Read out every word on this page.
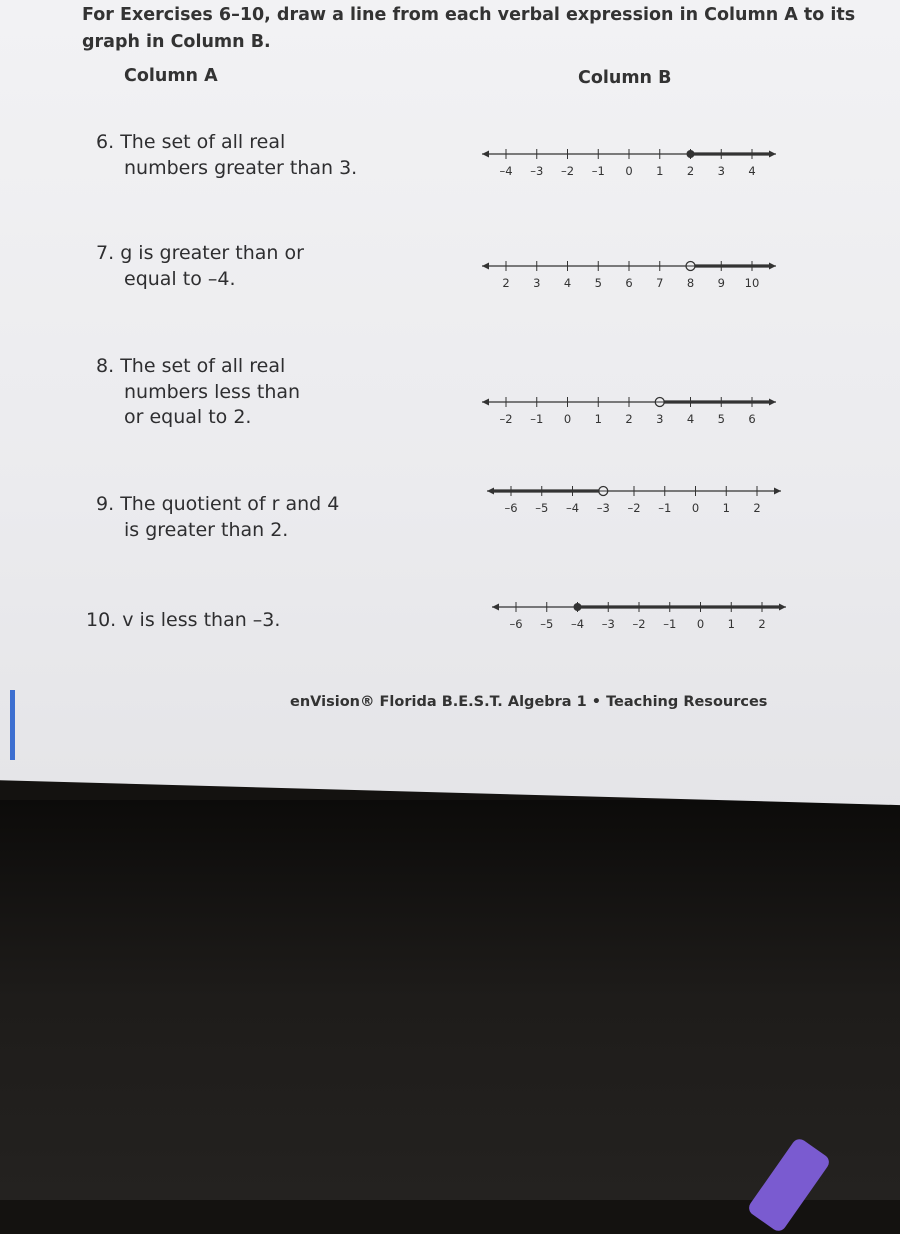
For Exercises 6–10, draw a line from each verbal expression in Column A to its
graph in Column B.
Column A	Column B
6. The set of all real
numbers greater than 3.
7. g is greater than or
equal to –4.
8. The set of all real
numbers less than
or equal to 2.
9. The quotient of r and 4
is greater than 2.
10. v is less than –3.
–4 –3 –2 –1 0 1 2 3 4
2 3 4 5 6 7 8 9 10
–2 –1 0 1 2 3 4 5 6
–6 –5 –4 –3 –2 –1 0 1 2
–6 –5 –4 –3 –2 –1 0 1 2
enVision® Florida B.E.S.T. Algebra 1 • Teaching Resources
